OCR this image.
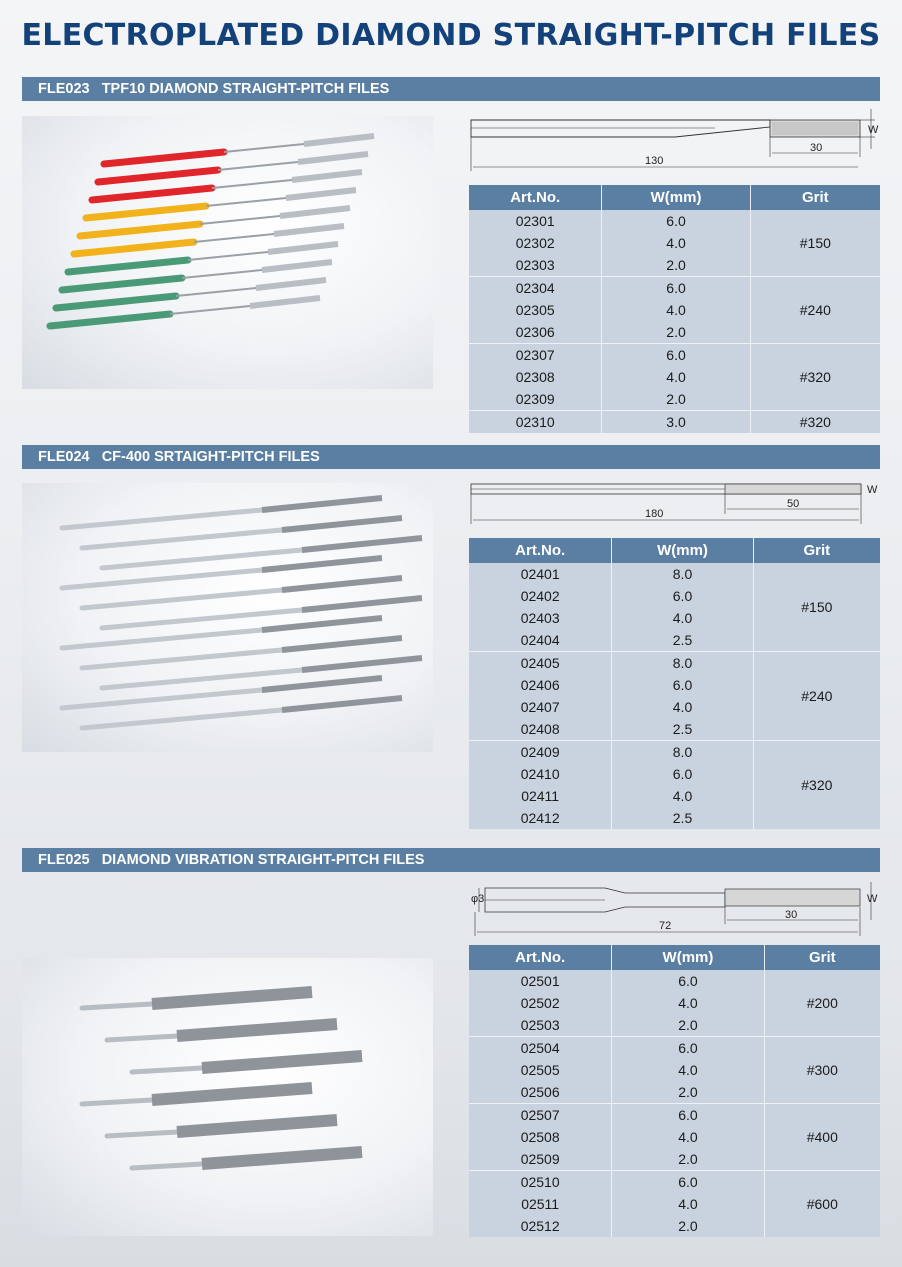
ELECTROPLATED DIAMOND STRAIGHT-PITCH FILES
FLE023 TPF10 DIAMOND STRAIGHT-PITCH FILES
W
30
130
Art.No.	W(mm)	Grit
02301	6.0	#150
02302	4.0	
02303	2.0	
02304	6.0	#240
02305	4.0	
02306	2.0	
02307	6.0	#320
02308	4.0	
02309	2.0	
02310	3.0	#320
FLE024 CF-400 SRTAIGHT-PITCH FILES
W
50
180
Art.No.	W(mm)	Grit
02401	8.0	#150
02402	6.0	
02403	4.0	
02404	2.5	
02405	8.0	#240
02406	6.0	
02407	4.0	
02408	2.5	
02409	8.0	#320
02410	6.0	
02411	4.0	
02412	2.5	
FLE025 DIAMOND VIBRATION STRAIGHT-PITCH FILES
φ3	W
30
72
Art.No.	W(mm)	Grit
02501	6.0	#200
02502	4.0	
02503	2.0	
02504	6.0	#300
02505	4.0	
02506	2.0	
02507	6.0	#400
02508	4.0	
02509	2.0	
02510	6.0	#600
02511	4.0	
02512	2.0	
